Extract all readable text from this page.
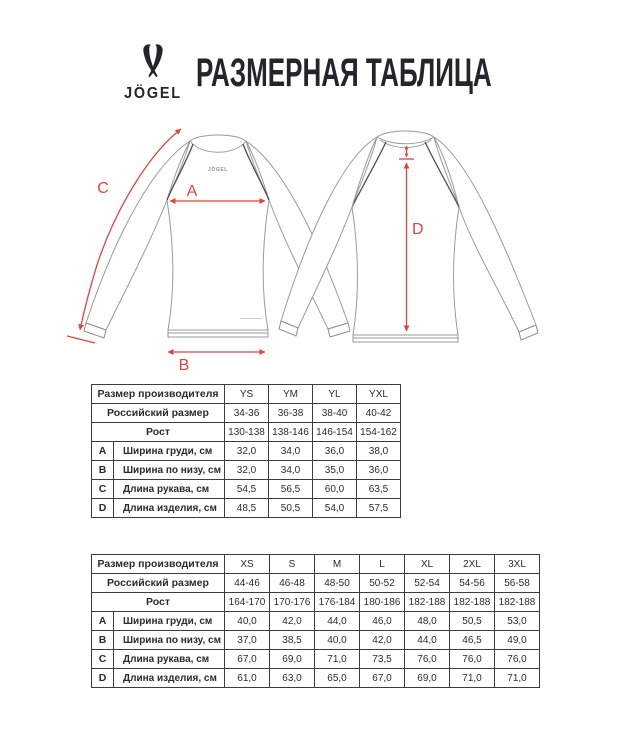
JÖGEL РАЗМЕРНАЯ ТАБЛИЦА
JÖGEL
A
B
C
D
Размер производителя		YS	YM	YL	YXL
Российский размер		34-36	36-38	38-40	40-42
Рост		130-138	138-146	146-154	154-162
A	Ширина груди, см	32,0	34,0	36,0	38,0
B	Ширина по низу, см	32,0	34,0	35,0	36,0
C	Длина рукава, см	54,5	56,5	60,0	63,5
D	Длина изделия, см	48,5	50,5	54,0	57,5
Размер производителя		XS	S	M	L	XL	2XL	3XL
Российский размер		44-46	46-48	48-50	50-52	52-54	54-56	56-58
Рост		164-170	170-176	176-184	180-186	182-188	182-188	182-188
A	Ширина груди, см	40,0	42,0	44,0	46,0	48,0	50,5	53,0
B	Ширина по низу, см	37,0	38,5	40,0	42,0	44,0	46,5	49,0
C	Длина рукава, см	67,0	69,0	71,0	73,5	76,0	76,0	76,0
D	Длина изделия, см	61,0	63,0	65,0	67,0	69,0	71,0	71,0
